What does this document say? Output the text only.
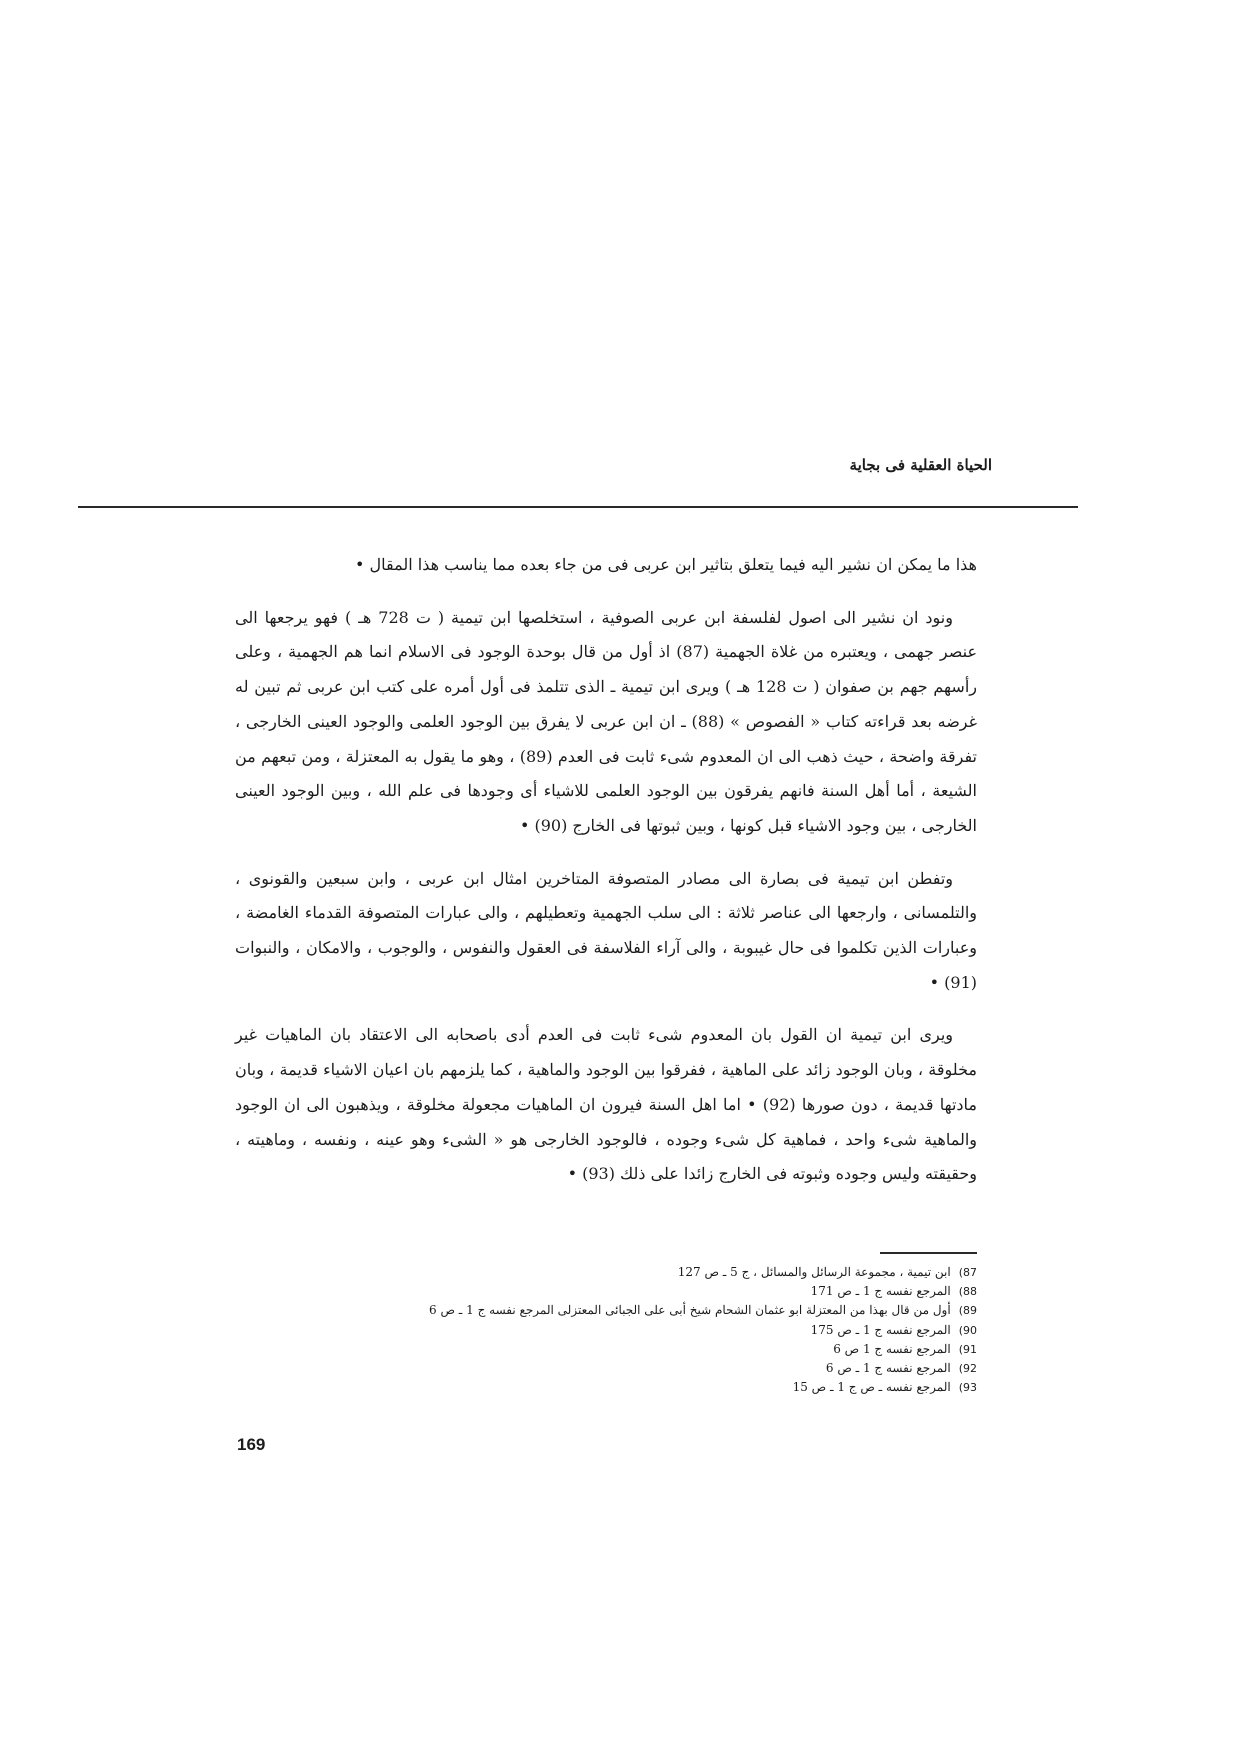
الحياة العقلية فى بجاية

هذا ما يمكن ان نشير اليه فيما يتعلق بتاثير ابن عربى فى من جاء بعده مما يناسب هذا المقال •

ونود ان نشير الى اصول لفلسفة ابن عربى الصوفية ، استخلصها ابن تيمية ( ت 728 هـ ) فهو يرجعها الى عنصر جهمى ، ويعتبره من غلاة الجهمية (87) اذ أول من قال بوحدة الوجود فى الاسلام انما هم الجهمية ، وعلى رأسهم جهم بن صفوان ( ت 128 هـ ) ويرى ابن تيمية ـ الذى تتلمذ فى أول أمره على كتب ابن عربى ثم تبين له غرضه بعد قراءته كتاب « الفصوص » (88) ـ ان ابن عربى لا يفرق بين الوجود العلمى والوجود العينى الخارجى ، تفرقة واضحة ، حيث ذهب الى ان المعدوم شىء ثابت فى العدم (89) ، وهو ما يقول به المعتزلة ، ومن تبعهم من الشيعة ، أما أهل السنة فانهم يفرقون بين الوجود العلمى للاشياء أى وجودها فى علم الله ، وبين الوجود العينى الخارجى ، بين وجود الاشياء قبل كونها ، وبين ثبوتها فى الخارج (90) •

وتفطن ابن تيمية فى بصارة الى مصادر المتصوفة المتاخرين امثال ابن عربى ، وابن سبعين والقونوى ، والتلمسانى ، وارجعها الى عناصر ثلاثة : الى سلب الجهمية وتعطيلهم ، والى عبارات المتصوفة القدماء الغامضة ، وعبارات الذين تكلموا فى حال غيبوبة ، والى آراء الفلاسفة فى العقول والنفوس ، والوجوب ، والامكان ، والنبوات (91) •

ويرى ابن تيمية ان القول بان المعدوم شىء ثابت فى العدم أدى باصحابه الى الاعتقاد بان الماهيات غير مخلوقة ، وبان الوجود زائد على الماهية ، ففرقوا بين الوجود والماهية ، كما يلزمهم بان اعيان الاشياء قديمة ، وبان مادتها قديمة ، دون صورها (92) • اما اهل السنة فيرون ان الماهيات مجعولة مخلوقة ، ويذهبون الى ان الوجود والماهية شىء واحد ، فماهية كل شىء وجوده ، فالوجود الخارجى هو « الشىء وهو عينه ، ونفسه ، وماهيته ، وحقيقته وليس وجوده وثبوته فى الخارج زائدا على ذلك (93) •

87)ابن تيمية ، مجموعة الرسائل والمسائل ، ج 5 ـ ص 127
88)المرجع نفسه ج 1 ـ ص 171
89)أول من قال بهذا من المعتزلة ابو عثمان الشحام شيخ أبى على الجبائى المعتزلى المرجع نفسه ج 1 ـ ص 6
90)المرجع نفسه ج 1 ـ ص 175
91)المرجع نفسه ج 1 ص 6
92)المرجع نفسه ج 1 ـ ص 6
93)المرجع نفسه ـ ص ج 1 ـ ص 15
169
